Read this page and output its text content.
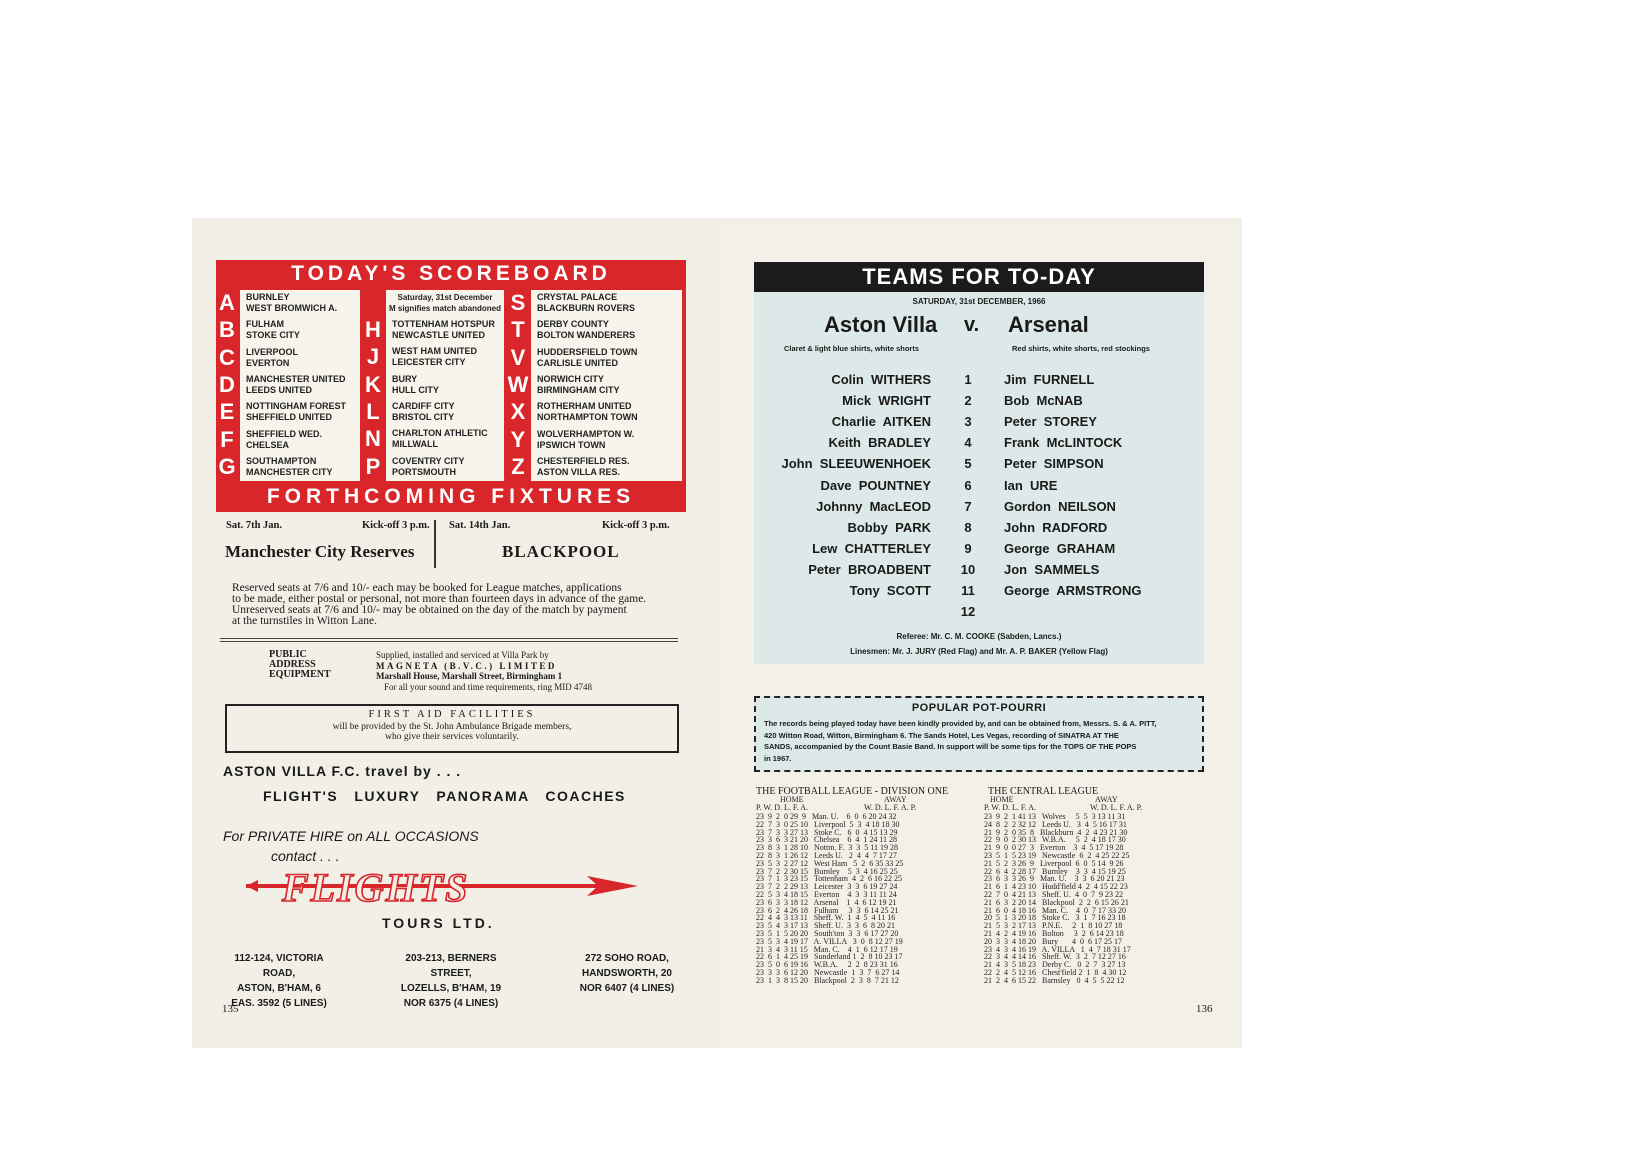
TODAY'S SCOREBOARD
A	BURNLEY
WEST BROMWICH A.
B	FULHAM
STOKE CITY
C	LIVERPOOL
EVERTON
D	MANCHESTER UNITED
LEEDS UNITED
E	NOTTINGHAM FOREST
SHEFFIELD UNITED
F	SHEFFIELD WED.
CHELSEA
G SOUTHAMPTON
MANCHESTER CITY
H	TOTTENHAM HOTSPUR
NEWCASTLE UNITED
J	WEST HAM UNITED
LEICESTER CITY
K	BURY
HULL CITY
L	CARDIFF CITY
BRISTOL CITY
N	CHARLTON ATHLETIC
MILLWALL
P	COVENTRY CITY
PORTSMOUTH
S	CRYSTAL PALACE
BLACKBURN ROVERS
T	DERBY COUNTY
BOLTON WANDERERS
V	HUDDERSFIELD TOWN
CARLISLE UNITED
W NORWICH CITY
BIRMINGHAM CITY
X	ROTHERHAM UNITED
NORTHAMPTON TOWN
Y	WOLVERHAMPTON W.
IPSWICH TOWN
Z	CHESTERFIELD RES.
ASTON VILLA RES.
Saturday, 31st December
M signifies match abandoned
FORTHCOMING FIXTURES
Sat. 7th Jan.	Kick-off 3 p.m. Sat. 14th Jan.	Kick-off 3 p.m.
Manchester City Reserves	BLACKPOOL
Reserved seats at 7/6 and 10/- each may be booked for League matches, applications
to be made, either postal or personal, not more than fourteen days in advance of the game.
Unreserved seats at 7/6 and 10/- may be obtained on the day of the match by payment
at the turnstiles in Witton Lane.
PUBLIC
ADDRESS
EQUIPMENT
Supplied, installed and serviced at Villa Park by
MAGNETA (B.V.C.) LIMITED
Marshall House, Marshall Street, Birmingham 1
For all your sound and time requirements, ring MID 4748
FIRST AID FACILITIES
will be provided by the St. John Ambulance Brigade members,
who give their services voluntarily.
ASTON VILLA F.C. travel by . . .
FLIGHT'S   LUXURY   PANORAMA   COACHES
For PRIVATE HIRE on ALL OCCASIONS
contact . . .
FLIGHTS
TOURS LTD.
112-124, VICTORIA ROAD,
ASTON, B'HAM, 6
EAS. 3592 (5 LINES)
203-213, BERNERS STREET,
LOZELLS, B'HAM, 19
NOR 6375 (4 LINES)
272 SOHO ROAD,
HANDSWORTH, 20
NOR 6407 (4 LINES)
135
TEAMS FOR TO-DAY
SATURDAY, 31st DECEMBER, 1966
Aston Villa v. Arsenal
Claret & light blue shirts, white shorts	Red shirts, white shorts, red stockings
Colin  WITHERS	1	Jim  FURNELL
Mick  WRIGHT	2	Bob  McNAB
Charlie  AITKEN	3	Peter  STOREY
Keith  BRADLEY	4	Frank  McLINTOCK
John  SLEEUWENHOEK	5	Peter  SIMPSON
Dave  POUNTNEY	6	Ian  URE
Johnny  MacLEOD	7	Gordon  NEILSON
Bobby  PARK	8	John  RADFORD
Lew  CHATTERLEY	9	George  GRAHAM
Peter  BROADBENT	10	Jon  SAMMELS
Tony  SCOTT	11	George  ARMSTRONG
12
Referee: Mr. C. M. COOKE (Sabden, Lancs.)
Linesmen: Mr. J. JURY (Red Flag) and Mr. A. P. BAKER (Yellow Flag)
POPULAR POT-POURRI
The records being played today have been kindly provided by, and can be obtained from, Messrs. S. & A. PITT,
420 Witton Road, Witton, Birmingham 6. The Sands Hotel, Les Vegas, recording of SINATRA AT THE
SANDS, accompanied by the Count Basie Band. In support will be some tips for the TOPS OF THE POPS
in 1967.
THE FOOTBALL LEAGUE - DIVISION ONE	THE CENTRAL LEAGUE
HOME	AWAY	HOME	AWAY
P. W. D. L. F. A.	W. D. L. F. A. P.	P. W. D. L. F. A.	W. D. L. F. A. P.
23  9  2  0 29  9   Man. U.    6  0  6 20 24 32
22  7  3  0 25 10   Liverpool  5  3  4 18 18 30
23  7  3  3 27 13   Stoke C.   6  0  4 15 13 29
23  3  6  3 21 20   Chelsea    6  4  1 24 11 28
23  8  3  1 28 10   Nottm. F.  3  3  5 11 19 28
22  8  3  1 26 12   Leeds U.   2  4  4  7 17 27
23  5  3  2 27 12   West Ham   5  2  6 35 33 25
23  7  2  2 30 15   Burnley    5  3  4 16 25 25
23  7  1  3 23 15   Tottenham  4  2  6 16 22 25
23  7  2  2 29 13   Leicester  3  3  6 19 27 24
22  5  3  4 18 15   Everton    4  3  3 11 11 24
23  6  3  3 18 12   Arsenal    1  4  6 12 19 21
23  6  2  4 26 18   Fulham     3  3  6 14 25 21
22  4  4  3 13 11   Sheff. W.  1  4  5  4 11 16
23  5  4  3 17 13   Sheff. U.  3  3  6  8 20 21
23  5  1  5 20 20   South'ton  3  3  6 17 27 20
23  5  3  4 19 17   A. VILLA   3  0  8 12 27 19
21  3  4  3 11 15   Man. C.    4  1  6 12 17 19
22  6  1  4 25 19   Sunderland 1  2  8 10 23 17
23  5  0  6 19 16   W.B.A.     2  2  8 23 31 16
23  3  3  6 12 20   Newcastle  1  3  7  6 27 14
23  1  3  8 15 20   Blackpool  2  3  8  7 21 12
23  9  2  1 41 13   Wolves     5  5  3 13 11 31
24  8  2  2 32 12   Leeds U.   3  4  5 16 17 31
21  9  2  0 35  8   Blackburn  4  2  4 23 21 30
22  9  0  2 30 13   W.B.A.     5  2  4 18 17 30
21  9  0  0 27  3   Everton    3  4  5 17 19 28
23  5  1  5 23 19   Newcastle  6  2  4 25 22 25
21  5  2  3 26  9   Liverpool  6  0  5 14  9 26
22  6  4  2 28 17   Burnley    3  3  4 15 19 25
23  6  3  3 26  9   Man. U.    3  3  6 20 21 23
21  6  1  4 23 10   Hudd'field 4  2  4 15 22 23
22  7  0  4 21 13   Sheff. U.  4  0  7  9 23 22
21  6  3  2 20 14   Blackpool  2  2  6 15 26 21
21  6  0  4 18 16   Man. C.    4  0  7 17 33 20
20  5  1  3 20 18   Stoke C.   3  1  7 16 23 18
21  5  3  2 17 13   P.N.E.     2  1  8 10 27 18
21  4  2  4 19 16   Bolton     3  2  6 14 23 18
20  3  3  4 18 20   Bury       4  0  6 17 25 17
23  4  3  4 16 19   A. VILLA   1  4  7 18 31 17
22  3  4  4 14 16   Sheff. W.  3  2  7 12 27 16
21  4  3  5 18 23   Derby C.   0  2  7  3 27 13
22  2  4  5 12 16   Chest'field 2  1  8  4 30 12
21  2  4  6 15 22   Barnsley   0  4  5  5 22 12
136
